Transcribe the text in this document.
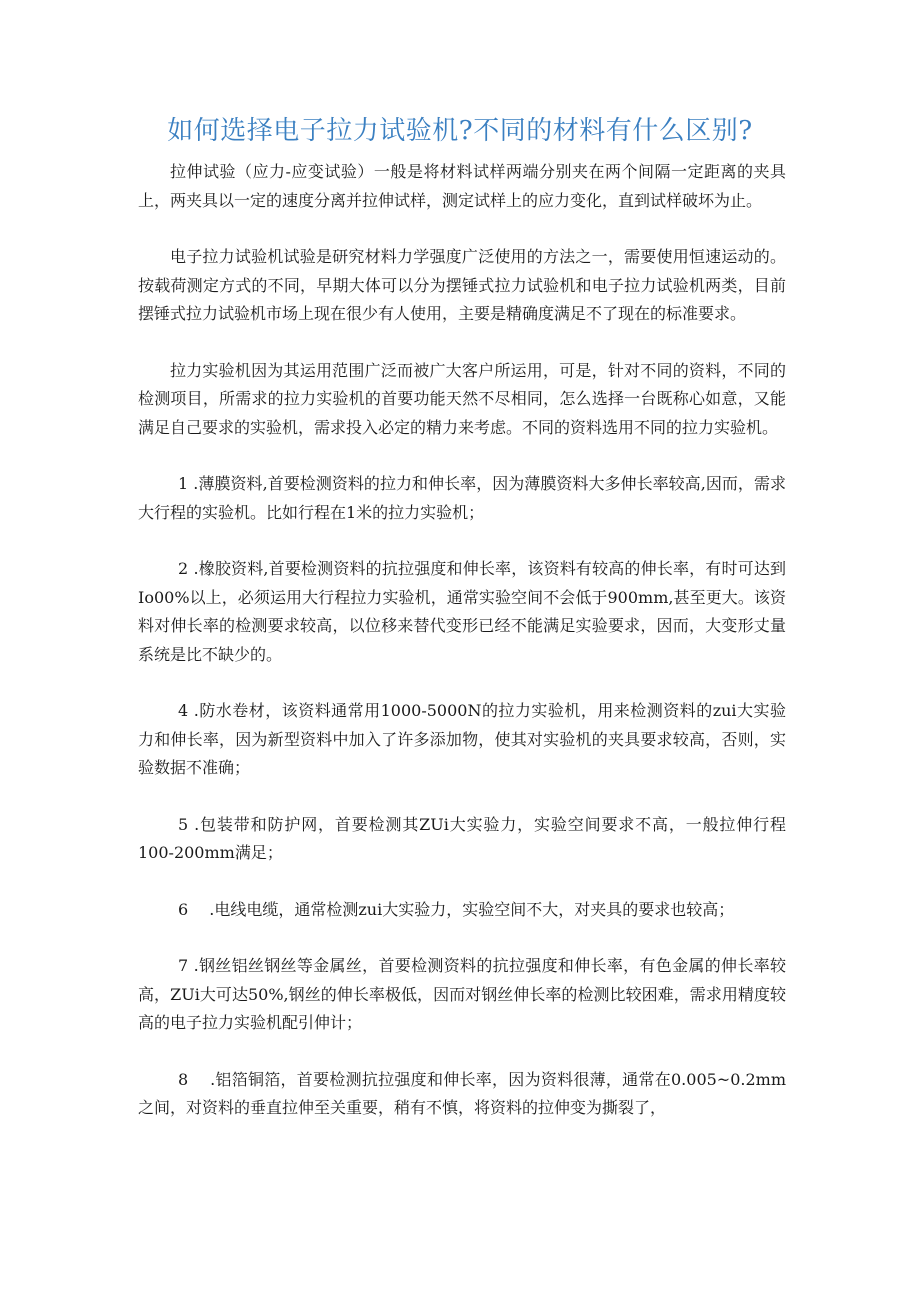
如何选择电子拉力试验机?不同的材料有什么区别?

拉伸试验（应力-应变试验）一般是将材料试样两端分别夹在两个间隔一定距离的夹具上，两夹具以一定的速度分离并拉伸试样，测定试样上的应力变化，直到试样破坏为止。

电子拉力试验机试验是研究材料力学强度广泛使用的方法之一，需要使用恒速运动的。按载荷测定方式的不同，早期大体可以分为摆锤式拉力试验机和电子拉力试验机两类，目前摆锤式拉力试验机市场上现在很少有人使用，主要是精确度满足不了现在的标准要求。

拉力实验机因为其运用范围广泛而被广大客户所运用，可是，针对不同的资料，不同的检测项目，所需求的拉力实验机的首要功能天然不尽相同，怎么选择一台既称心如意，又能满足自己要求的实验机，需求投入必定的精力来考虑。不同的资料选用不同的拉力实验机。

1 .薄膜资料,首要检测资料的拉力和伸长率，因为薄膜资料大多伸长率较高,因而，需求大行程的实验机。比如行程在1米的拉力实验机；

2 .橡胶资料,首要检测资料的抗拉强度和伸长率，该资料有较高的伸长率，有时可达到Io00%以上，必须运用大行程拉力实验机，通常实验空间不会低于900mm,甚至更大。该资料对伸长率的检测要求较高，以位移来替代变形已经不能满足实验要求，因而，大变形丈量系统是比不缺少的。

4 .防水卷材，该资料通常用1000-5000N的拉力实验机，用来检测资料的zui大实验力和伸长率，因为新型资料中加入了许多添加物，使其对实验机的夹具要求较高，否则，实验数据不准确；

5 .包装带和防护网，首要检测其ZUi大实验力，实验空间要求不高，一般拉伸行程100-200mm满足；

6　 .电线电缆，通常检测zui大实验力，实验空间不大，对夹具的要求也较高；

7 .钢丝铝丝钢丝等金属丝，首要检测资料的抗拉强度和伸长率，有色金属的伸长率较高，ZUi大可达50%,钢丝的伸长率极低，因而对钢丝伸长率的检测比较困难，需求用精度较高的电子拉力实验机配引伸计；

8　 .铝箔铜箔，首要检测抗拉强度和伸长率，因为资料很薄，通常在0.005~0.2mm之间，对资料的垂直拉伸至关重要，稍有不慎，将资料的拉伸变为撕裂了，
